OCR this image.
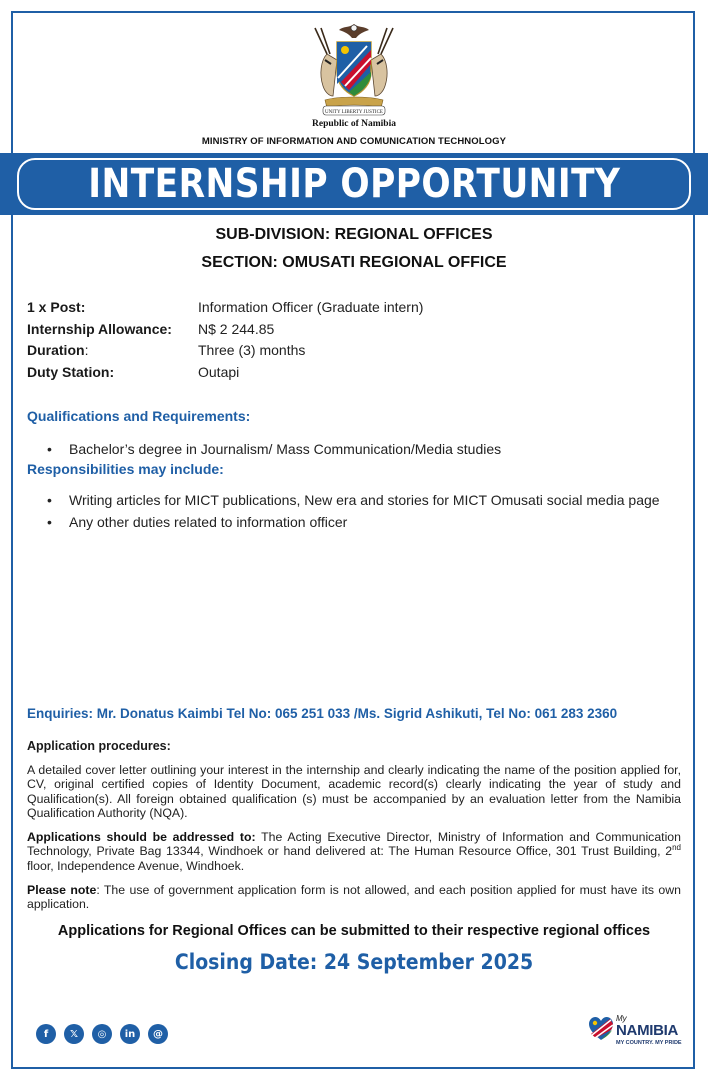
UNITY LIBERTY JUSTICE
Republic of Namibia
MINISTRY OF INFORMATION AND COMUNICATION TECHNOLOGY
INTERNSHIP OPPORTUNITY
SUB-DIVISION: REGIONAL OFFICES
SECTION: OMUSATI REGIONAL OFFICE
1 x Post:	Information Officer (Graduate intern)
Internship Allowance:	N$ 2 244.85
Duration:	Three (3) months
Duty Station:	Outapi
Qualifications and Requirements:
• Bachelor’s degree in Journalism/ Mass Communication/Media studies
Responsibilities may include:
• Writing articles for MICT publications, New era and stories for MICT Omusati social media page
• Any other duties related to information officer
Enquiries: Mr. Donatus Kaimbi Tel No: 065 251 033 /Ms. Sigrid Ashikuti, Tel No: 061 283 2360
Application procedures:
A detailed cover letter outlining your interest in the internship and clearly indicating the name of the position applied for, CV, original certified copies of Identity Document, academic record(s) clearly indicating the year of study and Qualification(s). All foreign obtained qualification (s) must be accompanied by an evaluation letter from the Namibia Qualification Authority (NQA).
Applications should be addressed to: The Acting Executive Director, Ministry of Information and Communication Technology, Private Bag 13344, Windhoek or hand delivered at: The Human Resource Office, 301 Trust Building, 2nd floor, Independence Avenue, Windhoek.
Please note: The use of government application form is not allowed, and each position applied for must have its own application.
Applications for Regional Offices can be submitted to their respective regional offices
Closing Date: 24 September 2025
f	𝕏	◎	in	@
My
NAMIBIA
MY COUNTRY. MY PRIDE
